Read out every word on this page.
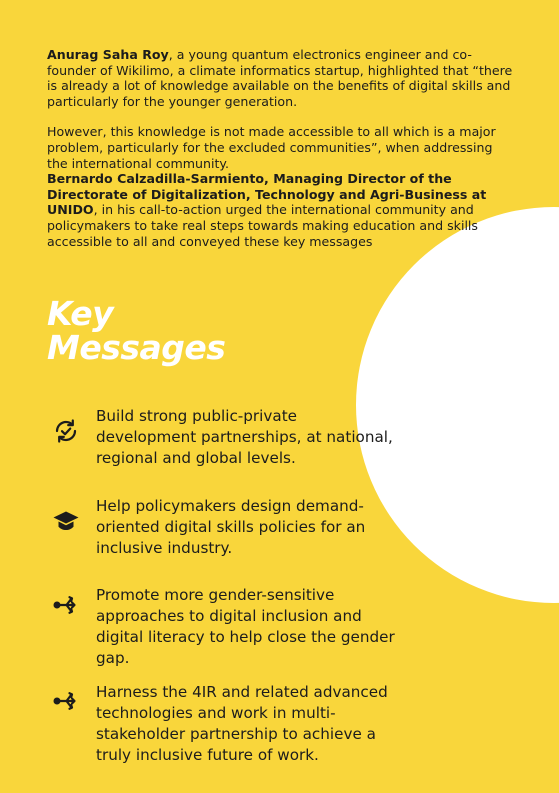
Anurag Saha Roy, a young quantum electronics engineer and co-founder of Wikilimo, a climate informatics startup, highlighted that “there is already a lot of knowledge available on the benefits of digital skills and particularly for the younger generation.

However, this knowledge is not made accessible to all which is a major problem, particularly for the excluded communities”, when addressing the international community.

Bernardo Calzadilla-Sarmiento, Managing Director of the Directorate of Digitalization, Technology and Agri-Business at UNIDO, in his call-to-action urged the international community and policymakers to take real steps towards making education and skills accessible to all and conveyed these key messages

Key
Messages
Build strong public-private development partnerships, at national, regional and global levels.
Help policymakers design demand-oriented digital skills policies for an inclusive industry.
Promote more gender-sensitive approaches to digital inclusion and digital literacy to help close the gender gap.
Harness the 4IR and related advanced technologies and work in multi-stakeholder partnership to achieve a truly inclusive future of work.
